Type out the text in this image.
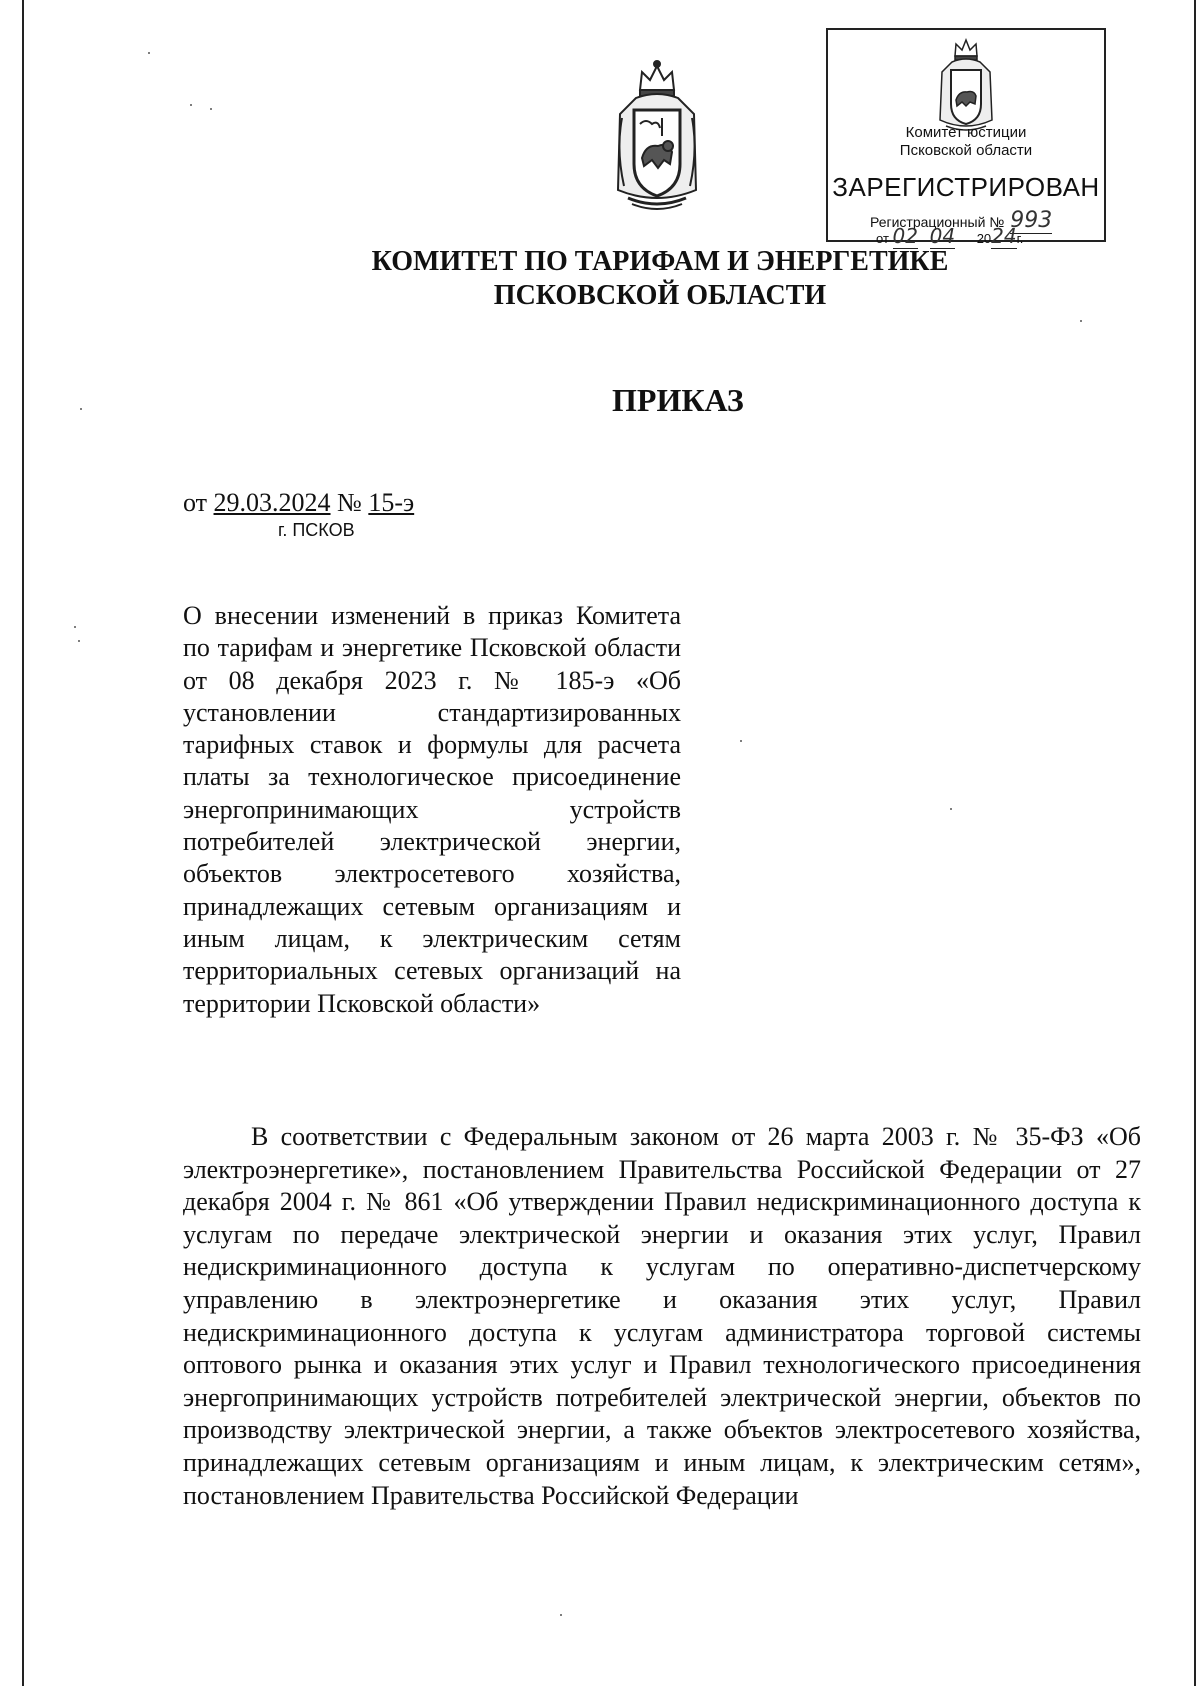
Комитет юстиции
Псковской области
ЗАРЕГИСТРИРОВАН
Регистрационный № 993
от 02 04 2024г.
КОМИТЕТ ПО ТАРИФАМ И ЭНЕРГЕТИКЕ
ПСКОВСКОЙ ОБЛАСТИ
ПРИКАЗ
от 29.03.2024 № 15-э
г. ПСКОВ
О внесении изменений в приказ Комитета по тарифам и энергетике Псковской области от 08 декабря 2023 г. № 185-э «Об установлении стандартизированных тарифных ставок и формулы для расчета платы за технологическое присоединение энергопринимающих устройств потребителей электрической энергии, объектов электросетевого хозяйства, принадлежащих сетевым организациям и иным лицам, к электрическим сетям территориальных сетевых организаций на территории Псковской области»
В соответствии с Федеральным законом от 26 марта 2003 г. № 35-ФЗ «Об электроэнергетике», постановлением Правительства Российской Федерации от 27 декабря 2004 г. № 861 «Об утверждении Правил недискриминационного доступа к услугам по передаче электрической энергии и оказания этих услуг, Правил недискриминационного доступа к услугам по оперативно-диспетчерскому управлению в электроэнергетике и оказания этих услуг, Правил недискриминационного доступа к услугам администратора торговой системы оптового рынка и оказания этих услуг и Правил технологического присоединения энергопринимающих устройств потребителей электрической энергии, объектов по производству электрической энергии, а также объектов электросетевого хозяйства, принадлежащих сетевым организациям и иным лицам, к электрическим сетям», постановлением Правительства Российской Федерации
